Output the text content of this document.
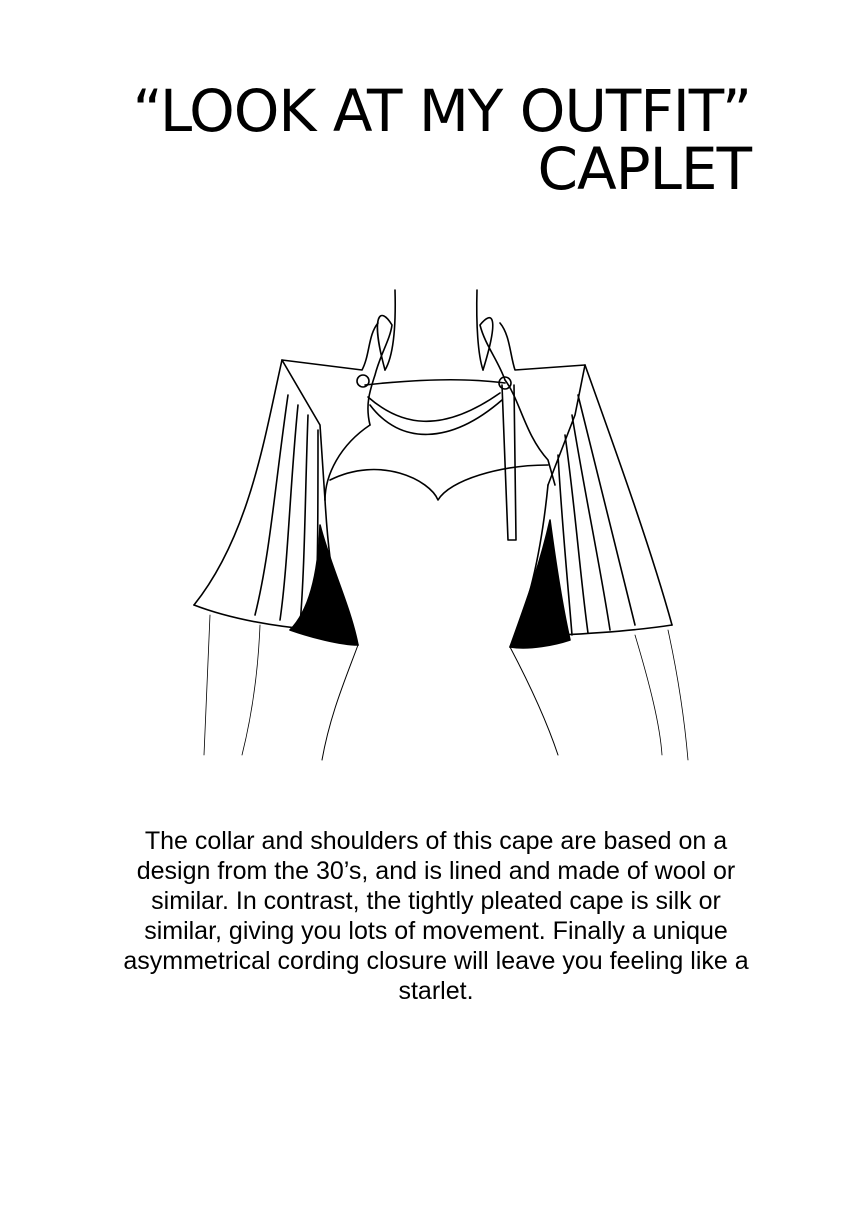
“LOOK AT MY OUTFIT”
CAPLET

The collar and shoulders of this cape are based on a design from the 30’s, and is lined and made of wool or similar. In contrast, the tightly pleated cape is silk or similar, giving you lots of movement. Finally a unique asymmetrical cording closure will leave you feeling like a starlet.
